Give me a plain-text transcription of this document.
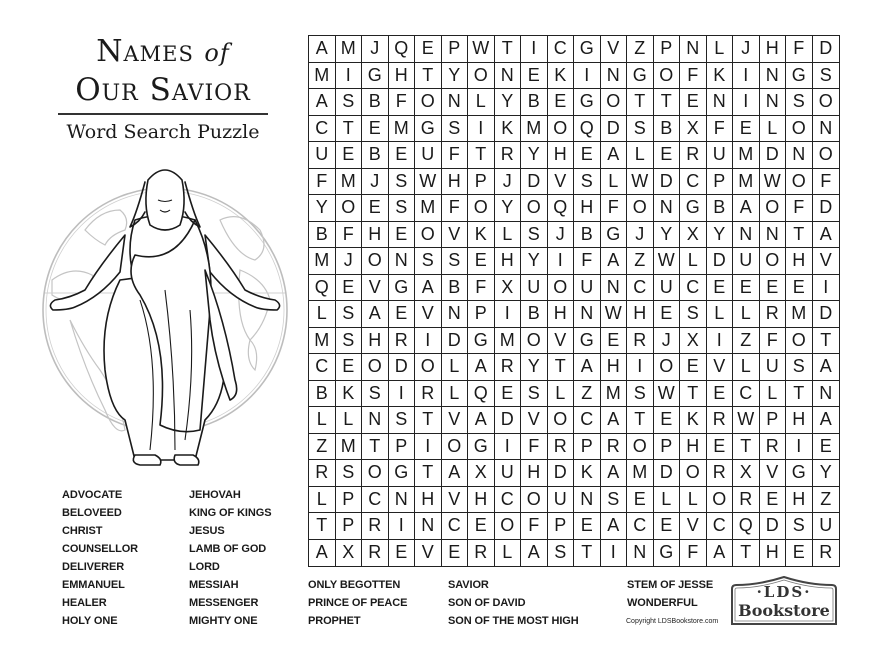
Names of
Our Savior
Word Search Puzzle
A M J Q E P W T	I C G V Z P N L J H F D
M I G H T Y O N E K I N G O F K I N G S
A S B F O N L Y B E G O T T E N I N S O
C T E M G S I K M O Q D S B X F E L O N
U E B E U F T R Y H E A L E R U M D N O
F M J S W H P J D V S L W D C P M W O F
Y O E S M F O Y O Q H F O N G B A O F D
B F H E O V K L S J B G J Y X Y N N T A
M J O N S S E H Y I	F A Z W L D U O H V
Q E V G A B F X U O U N C U C E E E E	I
L S A E V N P I B H N W H E S L L R M D
M S H R I D G M O V G E R J X I	Z F O T
C E O D O L A R Y T A H I O E V L U S A
B K S I R L Q E S L Z M S W T E C L T N
L L N S T V A D V O C A T E K R W P H A
Z M T P I O G I	F R P R O P H E T R I	E
R S O G T A X U H D K A M D O R X V G Y
L P C N H V H C O U N S E L L O R E H Z
T P R I N C E O F P E A C E V C Q D S U
A X R E V E R L A S T	I N G F A T H E R
ADVOCATE
BELOVEED
CHRIST
COUNSELLOR
DELIVERER
EMMANUEL
HEALER
HOLY ONE
JEHOVAH
KING OF KINGS
JESUS
LAMB OF GOD
LORD
MESSIAH
MESSENGER
MIGHTY ONE
ONLY BEGOTTEN
PRINCE OF PEACE
PROPHET
SAVIOR
SON OF DAVID
SON OF THE MOST HIGH
STEM OF JESSE
WONDERFUL
Copyright LDSBookstore.com
·LDS·
Bookstore
